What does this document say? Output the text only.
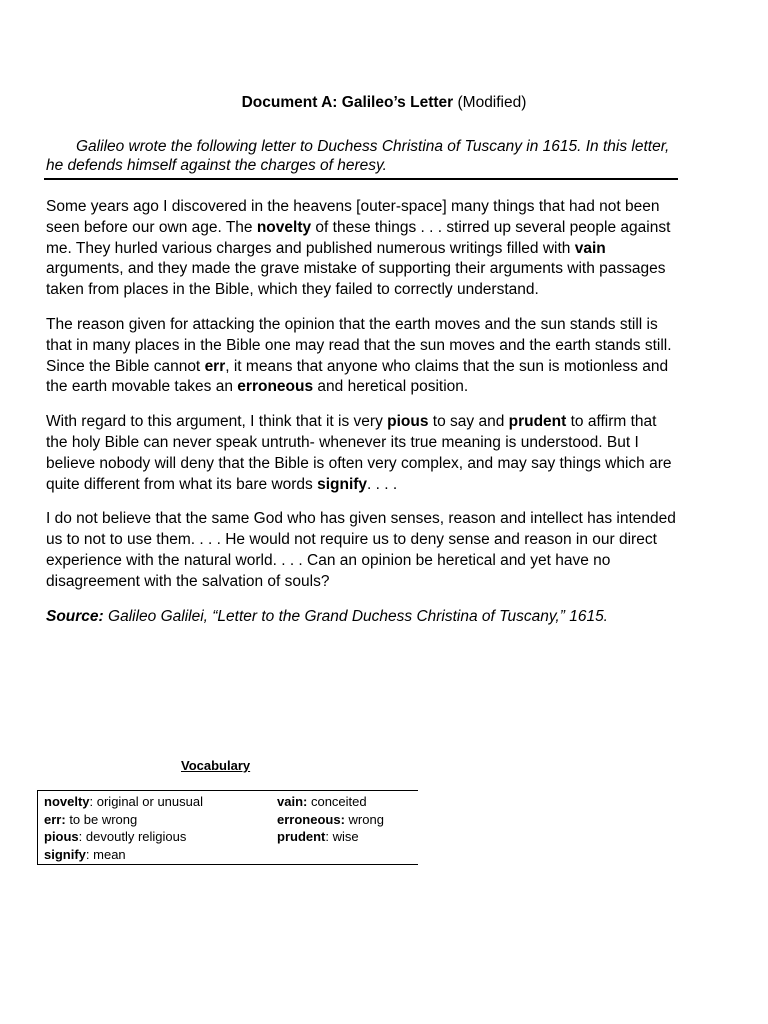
Document A: Galileo’s Letter (Modified)

Galileo wrote the following letter to Duchess Christina of Tuscany in 1615. In this letter, he defends himself against the charges of heresy.

Some years ago I discovered in the heavens [outer-space] many things that had not been seen before our own age. The novelty of these things . . . stirred up several people against me. They hurled various charges and published numerous writings filled with vain arguments, and they made the grave mistake of supporting their arguments with passages taken from places in the Bible, which they failed to correctly understand.

The reason given for attacking the opinion that the earth moves and the sun stands still is that in many places in the Bible one may read that the sun moves and the earth stands still. Since the Bible cannot err, it means that anyone who claims that the sun is motionless and the earth movable takes an erroneous and heretical position.

With regard to this argument, I think that it is very pious to say and prudent to affirm that the holy Bible can never speak untruth- whenever its true meaning is understood. But I believe nobody will deny that the Bible is often very complex, and may say things which are quite different from what its bare words signify. . . .

I do not believe that the same God who has given senses, reason and intellect has intended us to not to use them. . . . He would not require us to deny sense and reason in our direct experience with the natural world. . . . Can an opinion be heretical and yet have no disagreement with the salvation of souls?

Source: Galileo Galilei, “Letter to the Grand Duchess Christina of Tuscany,” 1615.

Vocabulary
novelty: original or unusual	vain: conceited
err: to be wrong	erroneous: wrong
pious: devoutly religious	prudent: wise
signify: mean
